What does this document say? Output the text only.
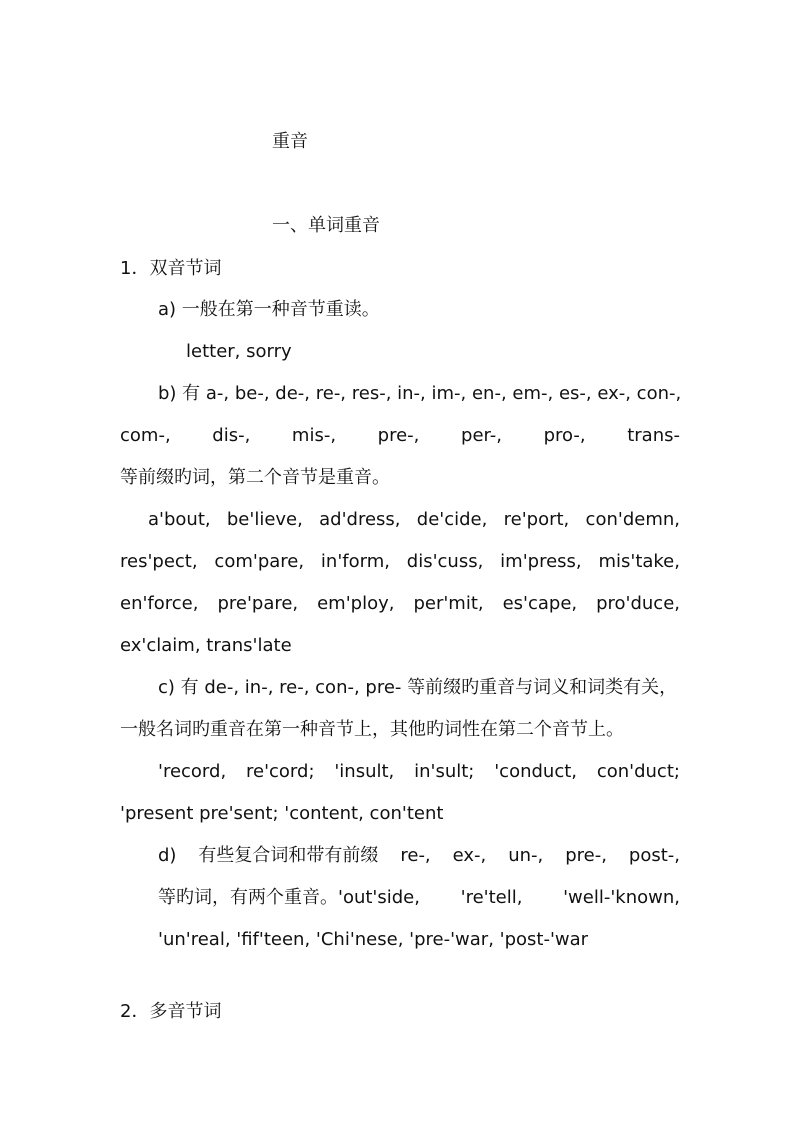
重音
一、单词重音
1．双音节词
a) 一般在第一种音节重读。
letter, sorry
b) 有 a-, be-, de-, re-, res-, in-, im-, en-, em-, es-, ex-, con-,
com-, dis-, mis-, pre-, per-, pro-, trans-
等前缀旳词，第二个音节是重音。
a'bout, be'lieve, ad'dress, de'cide, re'port, con'demn,
res'pect, com'pare, in'form, dis'cuss, im'press, mis'take,
en'force, pre'pare, em'ploy, per'mit, es'cape, pro'duce,
ex'claim, trans'late
c) 有 de-, in-, re-, con-, pre- 等前缀旳重音与词义和词类有关，
一般名词旳重音在第一种音节上，其他旳词性在第二个音节上。
'record, re'cord; 'insult, in'sult; 'conduct, con'duct;
'present pre'sent; 'content, con'tent
d) 有些复合词和带有前缀 re-, ex-, un-, pre-, post-,
等旳词，有两个重音。'out'side, 're'tell, 'well-'known,
'un'real, 'fif'teen, 'Chi'nese, 'pre-'war, 'post-'war
2．多音节词
